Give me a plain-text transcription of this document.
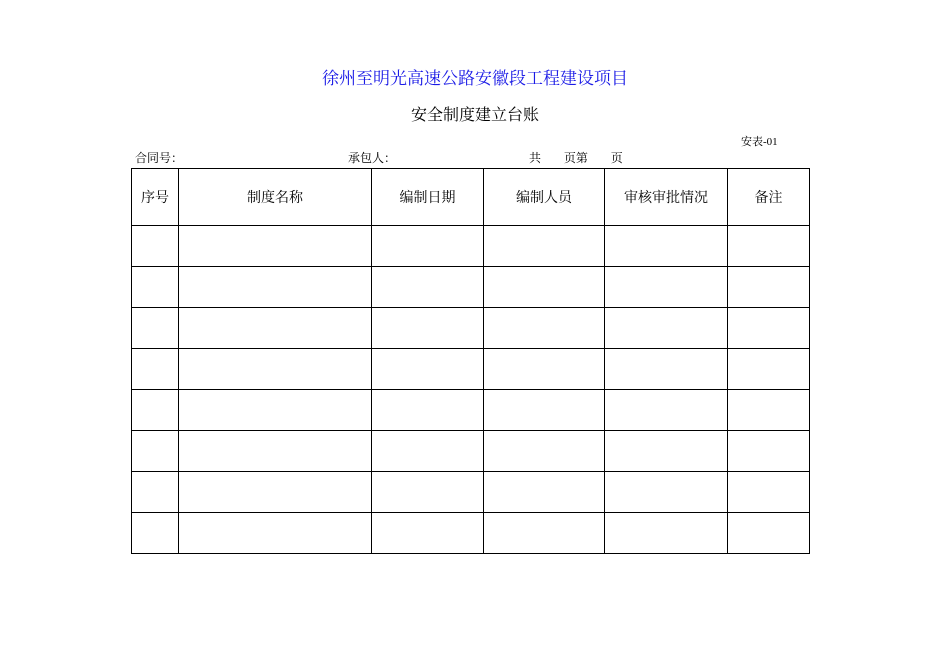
徐州至明光高速公路安徽段工程建设项目
安全制度建立台账
安表-01
合同号：	承包人：	共      页第      页
序号	制度名称	编制日期	编制人员	审核审批情况	备注
